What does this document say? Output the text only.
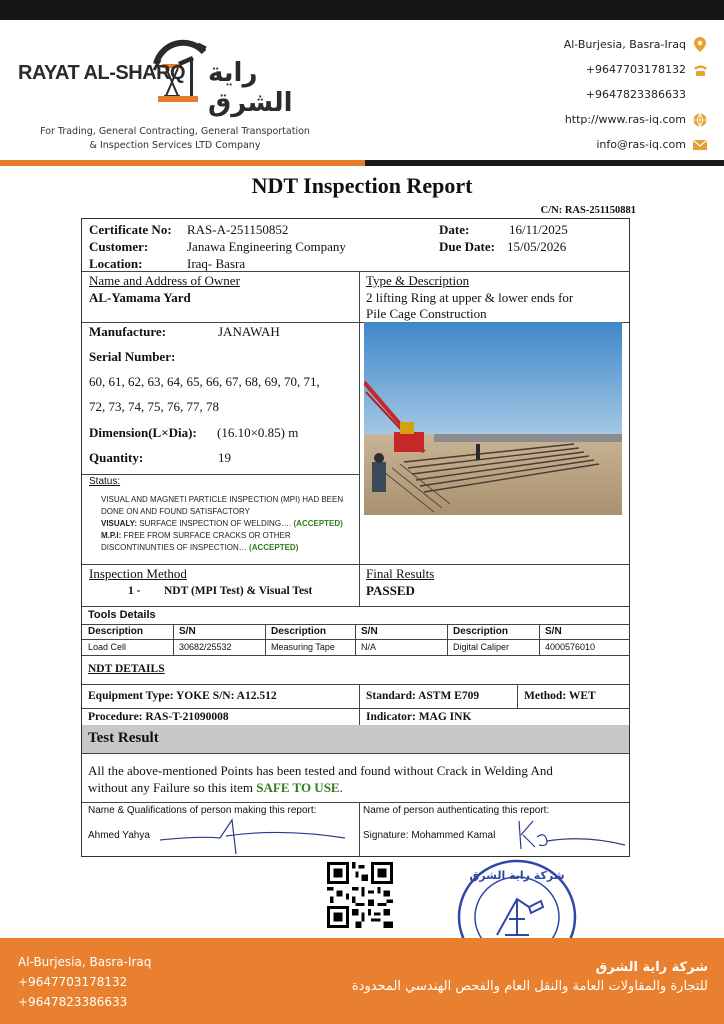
RAYAT AL-SHARQ راية الشرق
For Trading, General Contracting, General Transportation
& Inspection Services LTD Company
Al-Burjesia, Basra-Iraq
+9647703178132
+9647823386633
http://www.ras-iq.com
info@ras-iq.com
NDT Inspection Report
C/N: RAS-251150881
Certificate No: RAS-A-251150852
Customer:	Janawa Engineering Company
Location:	Iraq- Basra
Date:	16/11/2025
Due Date: 15/05/2026
Name and Address of Owner
AL-Yamama Yard
Type & Description
2 lifting Ring at upper & lower ends for
Pile Cage Construction
Manufacture:	JANAWAH
Serial Number:
60, 61, 62, 63, 64, 65, 66, 67, 68, 69, 70, 71,
72, 73, 74, 75, 76, 77, 78
Dimension(L×Dia): (16.10×0.85) m
Quantity:	19
Status:
VISUAL AND MAGNETI PARTICLE INSPECTION (MPI) HAD BEEN
DONE ON AND FOUND SATISFACTORY
VISUALY: SURFACE INSPECTION OF WELDING…. (ACCEPTED)
M.P.I: FREE FROM SURFACE CRACKS OR OTHER
DISCONTINUNTIES OF INSPECTION… (ACCEPTED)
Inspection Method
1 - NDT (MPI Test) & Visual Test
Final Results
PASSED
Tools Details
Description	S/N	Description	S/N	Description	S/N
Load Cell	30682/25532	Measuring Tape	N/A	Digital Caliper	4000576010
NDT DETAILS
Equipment Type: YOKE S/N: A12.512	Standard: ASTM E709	Method: WET
Procedure: RAS-T-21090008	Indicator: MAG INK
Test Result
All the above-mentioned Points has been tested and found without Crack in Welding And
without any Failure so this item SAFE TO USE.
Name & Qualifications of person making this report:
Ahmed Yahya
Name of person authenticating this report:
Signature: Mohammed Kamal
شركة راية الشرق
Al-Burjesia, Basra-Iraq
+9647703178132
+9647823386633
شركة راية الشرق
للتجارة والمقاولات العامة والنقل العام والفحص الهندسي المحدودة
